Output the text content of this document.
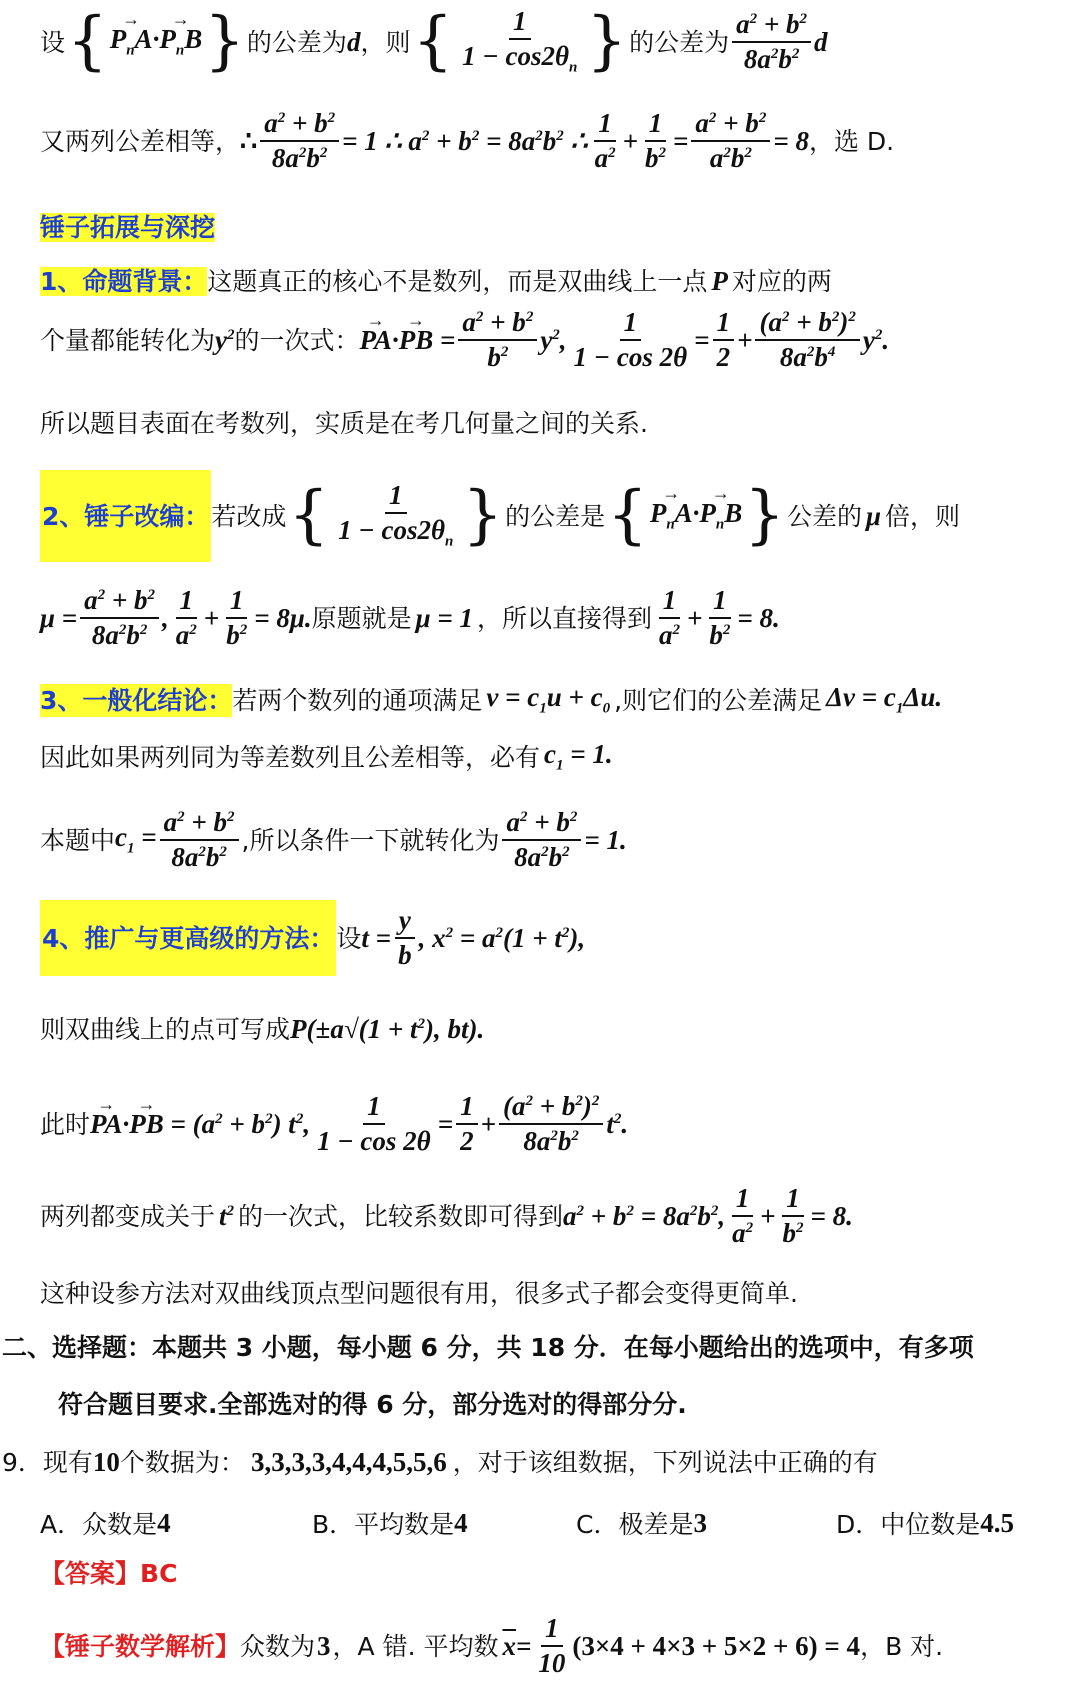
设 { → $P_nA\cdot\to P_nB$ } 的公差为 d ，则 { $\frac{1}{1 - \cos 2\theta_n}$ } 的公差为 $\frac{a^2 + b^2}{8a^2b^2}$ d
又两列公差相等， ∴ $\frac{a^2 + b^2}{8a^2b^2} = 1$ ∴ $a^2 + b^2 = 8a^2b^2$ ∴ $\frac{1}{a^2} + \frac{1}{b^2} = \frac{a^2 + b^2}{a^2b^2} = 8$ ，选 D.
锤子拓展与深挖
1、命题背景： 这题真正的核心不是数列，而是双曲线上一点 P 对应的两
个量都能转化为 $y^2$ 的一次式： → PA·→ PB = $\frac{a^2 + b^2}{b^2} y^2$, $\frac{1}{1 - \cos 2\theta} = \frac{1}{2} + \frac{(a^2 + b^2)^2}{8a^2b^4} y^2$.
所以题目表面在考数列，实质是在考几何量之间的关系.
2、锤子改编： 若改成 { $\frac{1}{1 - \cos 2\theta_n}$ } 的公差是 { → $P_nA\cdot\to P_nB$ } 公差的 μ 倍，则
$\mu = \frac{a^2 + b^2}{8a^2b^2}$ , $\frac{1}{a^2} + \frac{1}{b^2} = 8\mu$. 原题就是 μ = 1 ，所以直接得到 $\frac{1}{a^2} + \frac{1}{b^2} = 8$.
3、一般化结论： 若两个数列的通项满足 $v = c_1u + c_0$ ,则它们的公差满足 $\Delta v = c_1\Delta u$.
因此如果两列同为等差数列且公差相等，必有 $c_1 = 1$.
本题中 $c_1 = \frac{a^2 + b^2}{8a^2b^2}$ ,所以条件一下就转化为 $\frac{a^2 + b^2}{8a^2b^2} = 1$.
4、推广与更高级的方法： 设 $t = \frac{y}{b}$ , $x^2 = a^2(1 + t^2)$,
则双曲线上的点可写成 $P(\pm a√(1 + t^2)$, bt).
此时 → PA·→ PB = $(a^2 + b^2)$ $t^2$, $\frac{1}{1 - \cos 2\theta} = \frac{1}{2} + \frac{(a^2 + b^2)^2}{8a^2b^2} t^2$.
两列都变成关于 $t^2$ 的一次式，比较系数即可得到 $a^2 + b^2 = 8a^2b^2$, $\frac{1}{a^2} + \frac{1}{b^2} = 8$.
这种设参方法对双曲线顶点型问题很有用，很多式子都会变得更简单.
二、选择题：本题共 3 小题，每小题 6 分，共 18 分．在每小题给出的选项中，有多项
符合题目要求.全部选对的得 6 分，部分选对的得部分分.
9． 现有 10 个数据为： 3,3,3,3,4,4,4,5,5,6 ，对于该组数据，下列说法中正确的有
A． 众数是 4	B． 平均数是 4	C． 极差是 3	D． 中位数是 4.5
【答案】 BC
【锤子数学解析】 众数为 3 ，A 错. 平均数 $\overline{x} = \frac{1}{10} (3\times 4 + 4\times 3 + 5\times 2 + 6) = 4$ ，B 对.
